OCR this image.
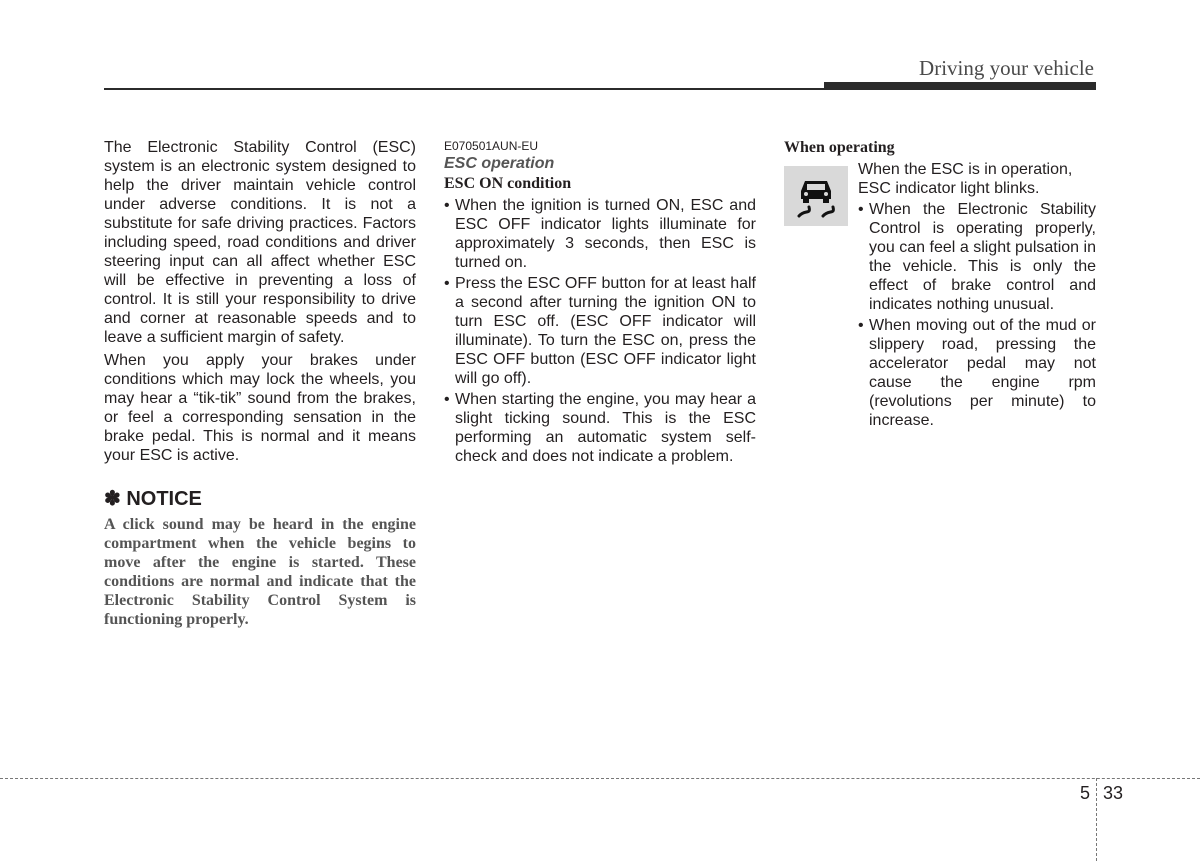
Driving your vehicle

The Electronic Stability Control (ESC) system is an electronic system designed to help the driver maintain vehicle control under adverse conditions. It is not a substitute for safe driving practices. Factors including speed, road conditions and driver steering input can all affect whether ESC will be effective in preventing a loss of control. It is still your responsibility to drive and corner at reasonable speeds and to leave a sufficient margin of safety.

When you apply your brakes under conditions which may lock the wheels, you may hear a “tik-tik” sound from the brakes, or feel a corresponding sensation in the brake pedal. This is normal and it means your ESC is active.

✽ NOTICE

A click sound may be heard in the engine compartment when the vehicle begins to move after the engine is started. These conditions are normal and indicate that the Electronic Stability Control System is functioning properly.

E070501AUN-EU

ESC operation

ESC ON condition

• When the ignition is turned ON, ESC and ESC OFF indicator lights illuminate for approximately 3 seconds, then ESC is turned on.
• Press the ESC OFF button for at least half a second after turning the ignition ON to turn ESC off. (ESC OFF indicator will illuminate). To turn the ESC on, press the ESC OFF button (ESC OFF indicator light will go off).
• When starting the engine, you may hear a slight ticking sound. This is the ESC performing an automatic system self-check and does not indicate a problem.

When operating

When the ESC is in operation, ESC indicator light blinks.

• When the Electronic Stability Control is operating properly, you can feel a slight pulsation in the vehicle. This is only the effect of brake control and indicates nothing unusual.
• When moving out of the mud or slippery road, pressing the accelerator pedal may not cause the engine rpm (revolutions per minute) to increase.
5 33
